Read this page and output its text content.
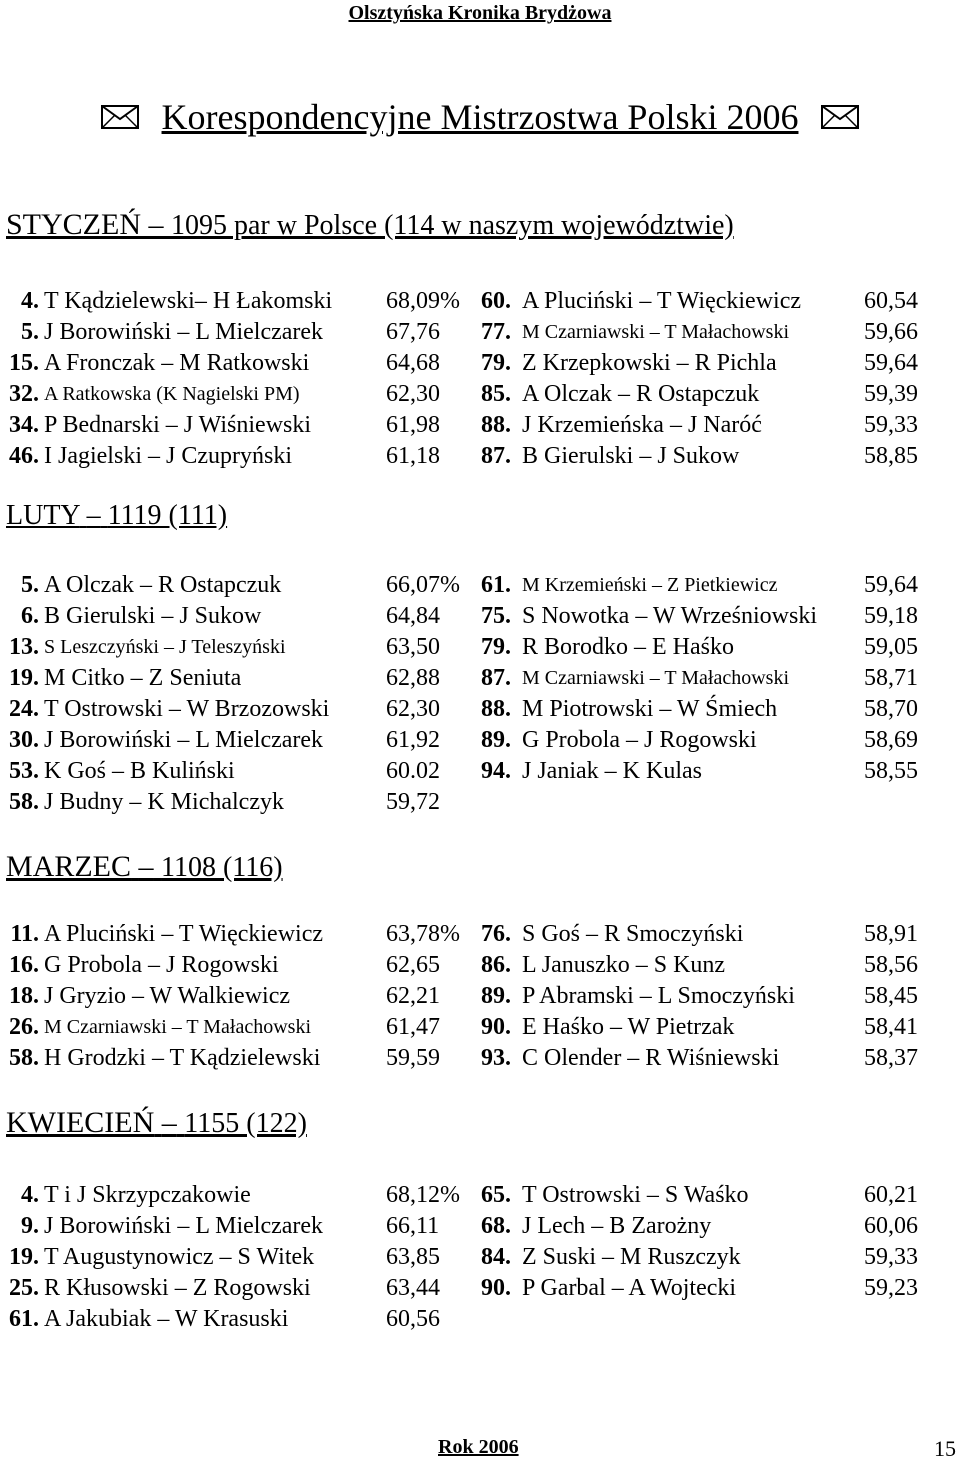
Olsztyńska Kronika Brydżowa
Korespondencyjne Mistrzostwa Polski 2006
STYCZEŃ – 1095 par w Polsce (114 w naszym województwie)
LUTY – 1119 (111)
MARZEC – 1108 (116)
KWIECIEŃ – 1155 (122)
4. T Kądzielewski– H Łakomski 68,09% 60. A Pluciński – T Więckiewicz	60,54
5. J Borowiński – L Mielczarek	67,76 77. M Czarniawski – T Małachowski	59,66
15. A Fronczak – M Ratkowski	64,68 79. Z Krzepkowski – R Pichla	59,64
32. A Ratkowska (K Nagielski PM)	62,30 85. A Olczak – R Ostapczuk	59,39
34. P Bednarski – J Wiśniewski	61,98 88. J Krzemieńska – J Naróć	59,33
46. I Jagielski – J Czupryński	61,18 87. B Gierulski – J Sukow	58,85
5. A Olczak – R Ostapczuk	66,07% 61. M Krzemieński – Z Pietkiewicz	59,64
6. B Gierulski – J Sukow	64,84 75. S Nowotka – W Wrześniowski 59,18
13. S Leszczyński – J Teleszyński	63,50 79. R Borodko – E Haśko	59,05
19. M Citko – Z Seniuta	62,88 87. M Czarniawski – T Małachowski	58,71
24. T Ostrowski – W Brzozowski 62,30 88. M Piotrowski – W Śmiech	58,70
30. J Borowiński – L Mielczarek	61,92 89. G Probola – J Rogowski	58,69
53. K Goś – B Kuliński	60.02 94. J Janiak – K Kulas	58,55
58. J Budny – K Michalczyk	59,72
11. A Pluciński – T Więckiewicz	63,78% 76. S Goś – R Smoczyński	58,91
16. G Probola – J Rogowski	62,65 86. L Januszko – S Kunz	58,56
18. J Gryzio – W Walkiewicz	62,21 89. P Abramski – L Smoczyński	58,45
26. M Czarniawski – T Małachowski	61,47 90. E Haśko – W Pietrzak	58,41
58. H Grodzki – T Kądzielewski	59,59 93. C Olender – R Wiśniewski	58,37
4. T i J Skrzypczakowie	68,12% 65. T Ostrowski – S Waśko	60,21
9. J Borowiński – L Mielczarek	66,11 68. J Lech – B Zarożny	60,06
19. T Augustynowicz – S Witek	63,85 84. Z Suski – M Ruszczyk	59,33
25. R Kłusowski – Z Rogowski	63,44 90. P Garbal – A Wojtecki	59,23
61. A Jakubiak – W Krasuski	60,56
Rok 2006	15
